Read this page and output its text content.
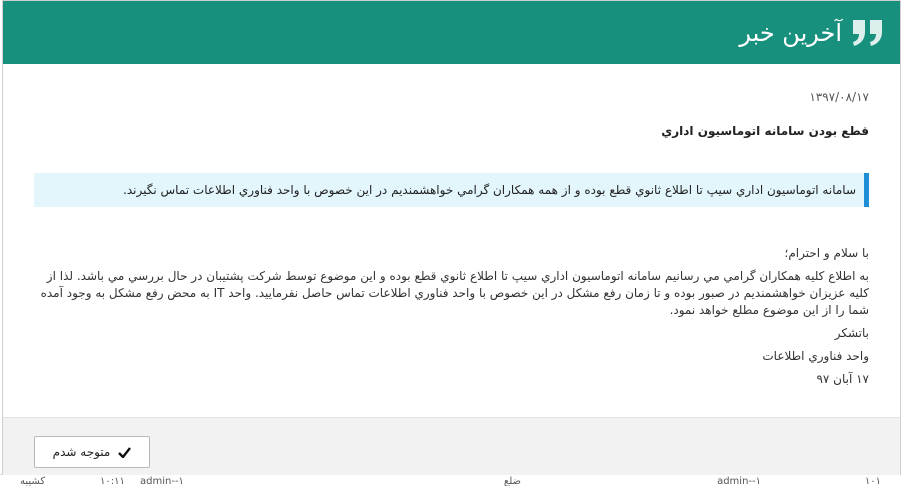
۱۰۱
admin--۱
ضلع
admin--۱
۱۰:۱۱
كشيبه
آخرین خبر
۱۳۹۷/۰۸/۱۷
قطع بودن سامانه اتوماسيون اداري
سامانه اتوماسيون اداري سيپ تا اطلاع ثانوي قطع بوده و از همه همكاران گرامي خواهشمنديم در اين خصوص با واحد فناوري اطلاعات تماس نگيرند.

با سلام و احترام؛

به اطلاع كليه همكاران گرامي مي رسانيم سامانه اتوماسيون اداري سيپ تا اطلاع ثانوي قطع بوده و اين موضوع توسط شركت پشتيبان در حال بررسي مي باشد. لذا از كليه عزيزان خواهشمنديم در صبور بوده و تا زمان رفع مشكل در اين خصوص با واحد فناوري اطلاعات تماس حاصل نفرماييد. واحد IT به محض رفع مشكل به وجود آمده شما را از اين موضوع مطلع خواهد نمود.

باتشكر

واحد فناوري اطلاعات

۱۷ آبان ۹۷

متوجه شدم
